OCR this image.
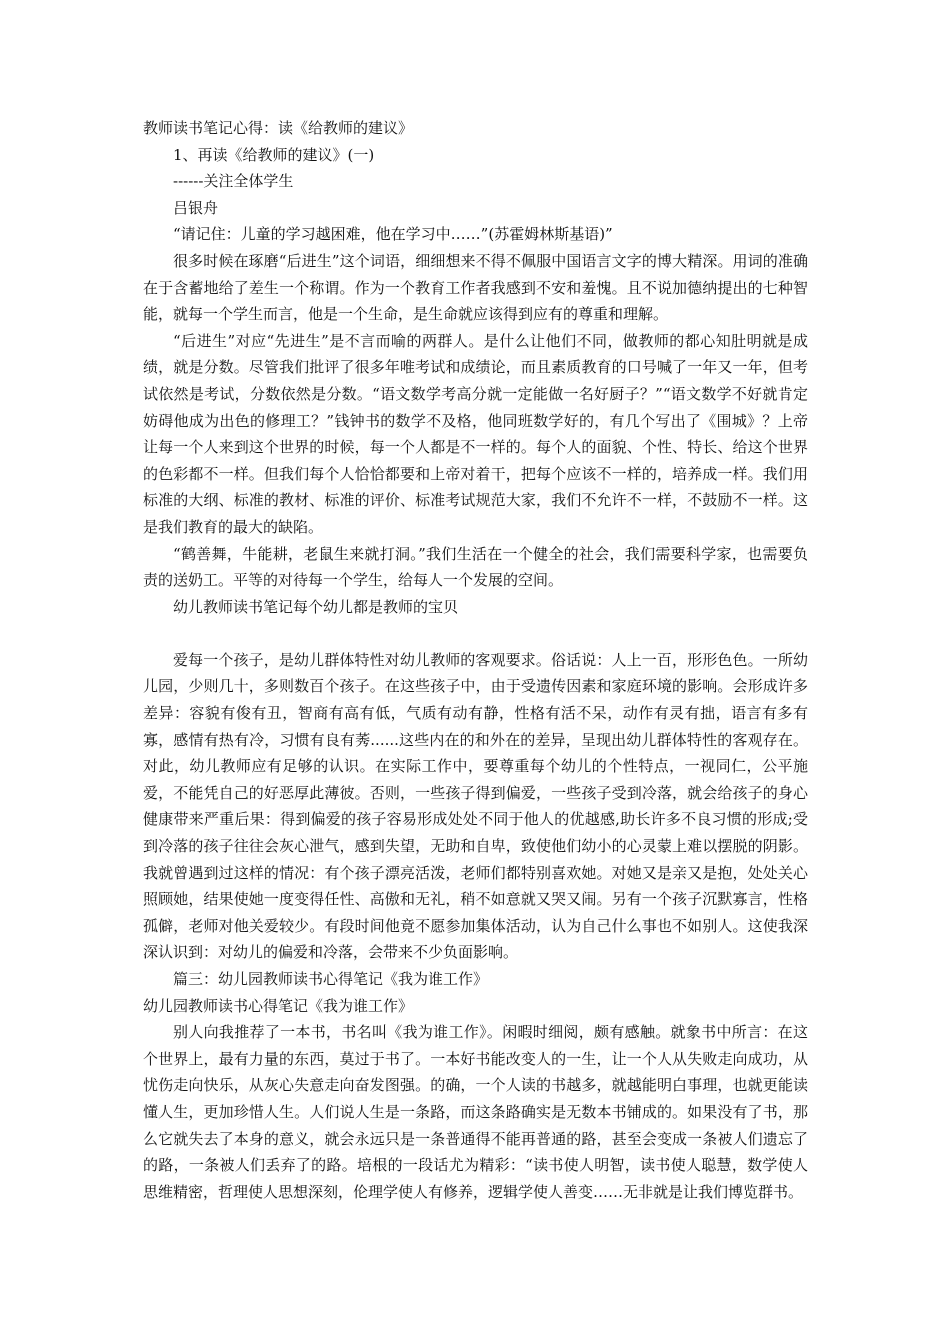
教师读书笔记心得：读《给教师的建议》
1、再读《给教师的建议》(一)
------关注全体学生
吕银舟
“请记住：儿童的学习越困难，他在学习中……”(苏霍姆林斯基语)”

很多时候在琢磨“后进生”这个词语，细细想来不得不佩服中国语言文字的博大精深。用词的准确在于含蓄地给了差生一个称谓。作为一个教育工作者我感到不安和羞愧。且不说加德纳提出的七种智能，就每一个学生而言，他是一个生命，是生命就应该得到应有的尊重和理解。

“后进生”对应“先进生”是不言而喻的两群人。是什么让他们不同，做教师的都心知肚明就是成绩，就是分数。尽管我们批评了很多年唯考试和成绩论，而且素质教育的口号喊了一年又一年，但考试依然是考试，分数依然是分数。“语文数学考高分就一定能做一名好厨子？”“语文数学不好就肯定妨碍他成为出色的修理工？”钱钟书的数学不及格，他同班数学好的，有几个写出了《围城》？上帝让每一个人来到这个世界的时候，每一个人都是不一样的。每个人的面貌、个性、特长、给这个世界的色彩都不一样。但我们每个人恰恰都要和上帝对着干，把每个应该不一样的，培养成一样。我们用标准的大纲、标准的教材、标准的评价、标准考试规范大家，我们不允许不一样，不鼓励不一样。这是我们教育的最大的缺陷。

“鹤善舞，牛能耕，老鼠生来就打洞。”我们生活在一个健全的社会，我们需要科学家，也需要负责的送奶工。平等的对待每一个学生，给每人一个发展的空间。

幼儿教师读书笔记每个幼儿都是教师的宝贝

爱每一个孩子，是幼儿群体特性对幼儿教师的客观要求。俗话说：人上一百，形形色色。一所幼儿园，少则几十，多则数百个孩子。在这些孩子中，由于受遗传因素和家庭环境的影响。会形成许多差异：容貌有俊有丑，智商有高有低，气质有动有静，性格有活不呆，动作有灵有拙，语言有多有寡，感情有热有冷，习惯有良有莠......这些内在的和外在的差异，呈现出幼儿群体特性的客观存在。对此，幼儿教师应有足够的认识。在实际工作中，要尊重每个幼儿的个性特点，一视同仁，公平施爱，不能凭自己的好恶厚此薄彼。否则，一些孩子得到偏爱，一些孩子受到冷落，就会给孩子的身心健康带来严重后果：得到偏爱的孩子容易形成处处不同于他人的优越感,助长许多不良习惯的形成;受到冷落的孩子往往会灰心泄气，感到失望，无助和自卑，致使他们幼小的心灵蒙上难以摆脱的阴影。我就曾遇到过这样的情况：有个孩子漂亮活泼，老师们都特别喜欢她。对她又是亲又是抱，处处关心照顾她，结果使她一度变得任性、高傲和无礼，稍不如意就又哭又闹。另有一个孩子沉默寡言，性格孤僻，老师对他关爱较少。有段时间他竟不愿参加集体活动，认为自己什么事也不如别人。这使我深深认识到：对幼儿的偏爱和冷落，会带来不少负面影响。

篇三：幼儿园教师读书心得笔记《我为谁工作》
幼儿园教师读书心得笔记《我为谁工作》

别人向我推荐了一本书，书名叫《我为谁工作》。闲暇时细阅，颇有感触。就象书中所言：在这个世界上，最有力量的东西，莫过于书了。一本好书能改变人的一生，让一个人从失败走向成功，从忧伤走向快乐，从灰心失意走向奋发图强。的确，一个人读的书越多，就越能明白事理，也就更能读懂人生，更加珍惜人生。人们说人生是一条路，而这条路确实是无数本书铺成的。如果没有了书，那么它就失去了本身的意义，就会永远只是一条普通得不能再普通的路，甚至会变成一条被人们遗忘了的路，一条被人们丢弃了的路。培根的一段话尤为精彩：“读书使人明智，读书使人聪慧，数学使人思维精密，哲理使人思想深刻，伦理学使人有修养，逻辑学使人善变……无非就是让我们博览群书。
